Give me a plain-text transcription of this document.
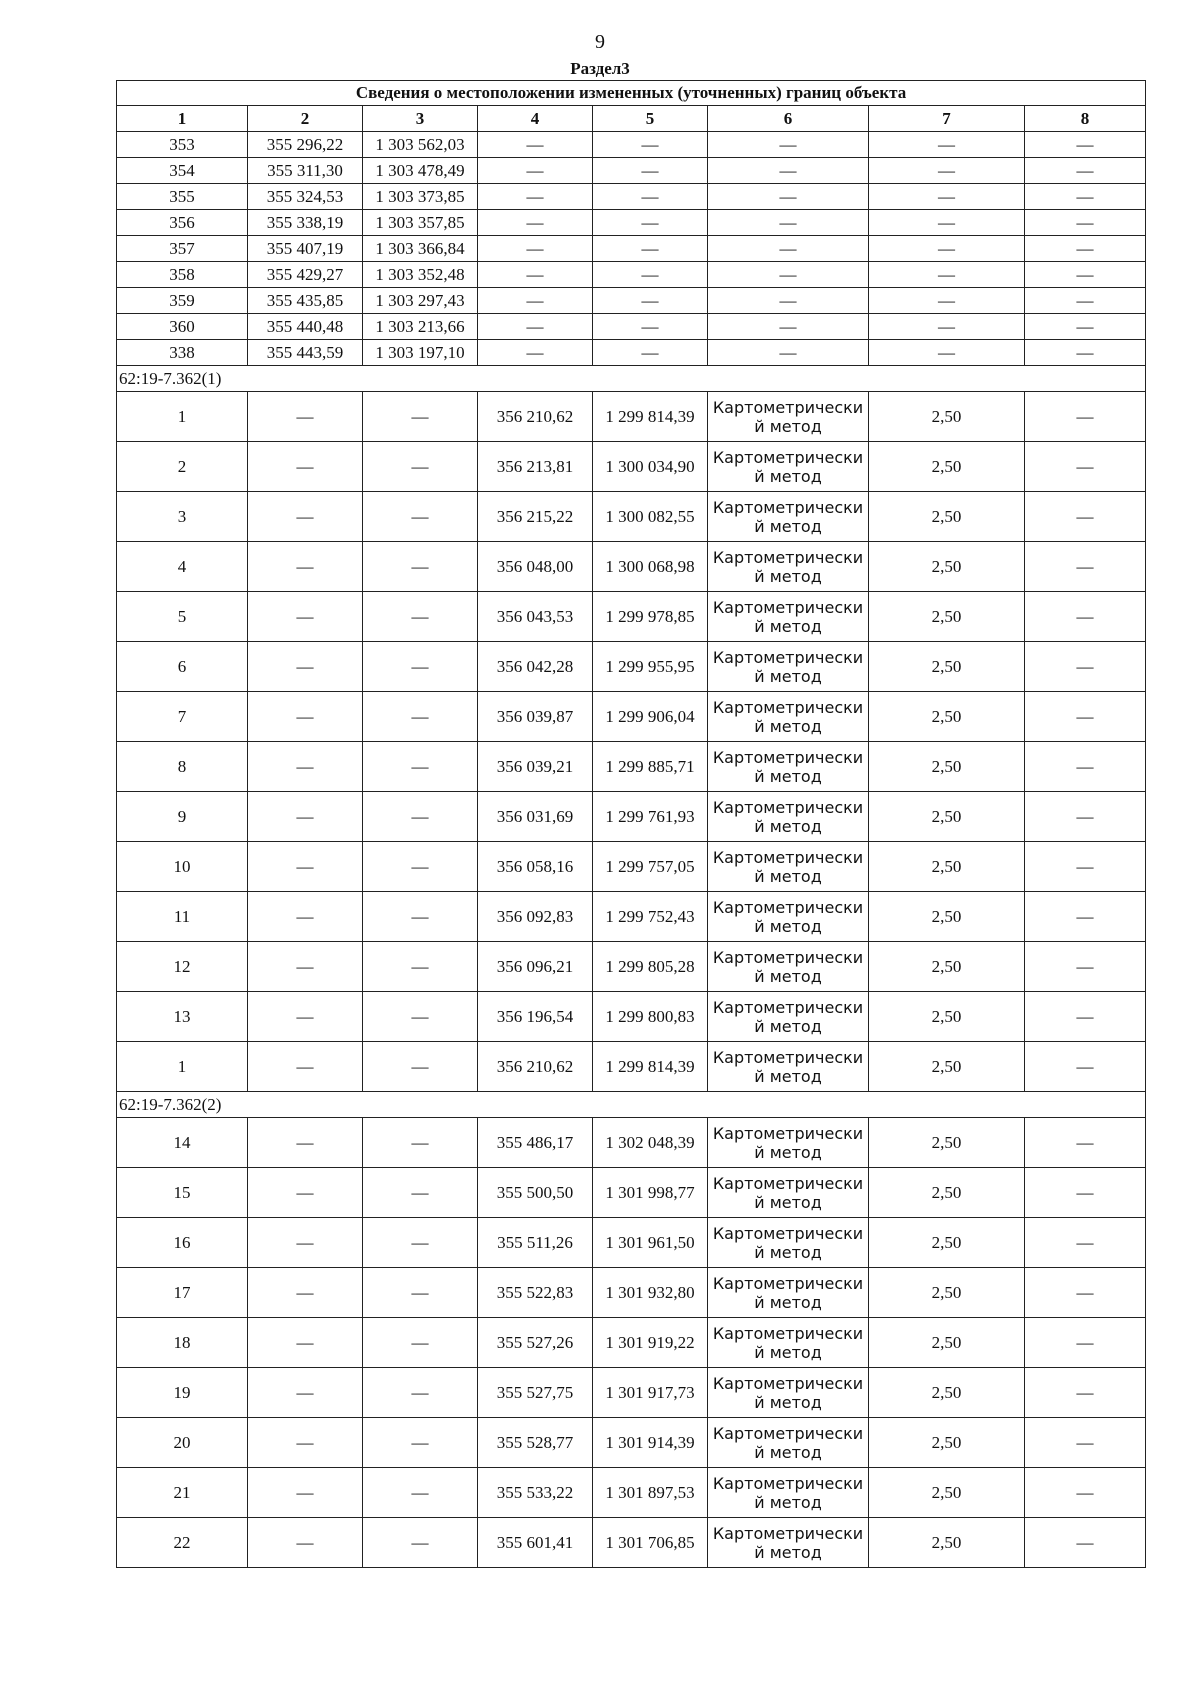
9
Раздел3
Сведения о местоположении измененных (уточненных) границ объекта							
1	2	3	4	5	6	7	8
353	355 296,22	1 303 562,03	—	—	—	—	—
354	355 311,30	1 303 478,49	—	—	—	—	—
355	355 324,53	1 303 373,85	—	—	—	—	—
356	355 338,19	1 303 357,85	—	—	—	—	—
357	355 407,19	1 303 366,84	—	—	—	—	—
358	355 429,27	1 303 352,48	—	—	—	—	—
359	355 435,85	1 303 297,43	—	—	—	—	—
360	355 440,48	1 303 213,66	—	—	—	—	—
338	355 443,59	1 303 197,10	—	—	—	—	—
62:19-7.362(1)							
1	—	—	356 210,62	1 299 814,39	Картометрически й метод	2,50	—
2	—	—	356 213,81	1 300 034,90	Картометрически й метод	2,50	—
3	—	—	356 215,22	1 300 082,55	Картометрически й метод	2,50	—
4	—	—	356 048,00	1 300 068,98	Картометрически й метод	2,50	—
5	—	—	356 043,53	1 299 978,85	Картометрически й метод	2,50	—
6	—	—	356 042,28	1 299 955,95	Картометрически й метод	2,50	—
7	—	—	356 039,87	1 299 906,04	Картометрически й метод	2,50	—
8	—	—	356 039,21	1 299 885,71	Картометрически й метод	2,50	—
9	—	—	356 031,69	1 299 761,93	Картометрически й метод	2,50	—
10	—	—	356 058,16	1 299 757,05	Картометрически й метод	2,50	—
11	—	—	356 092,83	1 299 752,43	Картометрически й метод	2,50	—
12	—	—	356 096,21	1 299 805,28	Картометрически й метод	2,50	—
13	—	—	356 196,54	1 299 800,83	Картометрически й метод	2,50	—
1	—	—	356 210,62	1 299 814,39	Картометрически й метод	2,50	—
62:19-7.362(2)							
14	—	—	355 486,17	1 302 048,39	Картометрически й метод	2,50	—
15	—	—	355 500,50	1 301 998,77	Картометрически й метод	2,50	—
16	—	—	355 511,26	1 301 961,50	Картометрически й метод	2,50	—
17	—	—	355 522,83	1 301 932,80	Картометрически й метод	2,50	—
18	—	—	355 527,26	1 301 919,22	Картометрически й метод	2,50	—
19	—	—	355 527,75	1 301 917,73	Картометрически й метод	2,50	—
20	—	—	355 528,77	1 301 914,39	Картометрически й метод	2,50	—
21	—	—	355 533,22	1 301 897,53	Картометрически й метод	2,50	—
22	—	—	355 601,41	1 301 706,85	Картометрически й метод	2,50	—
